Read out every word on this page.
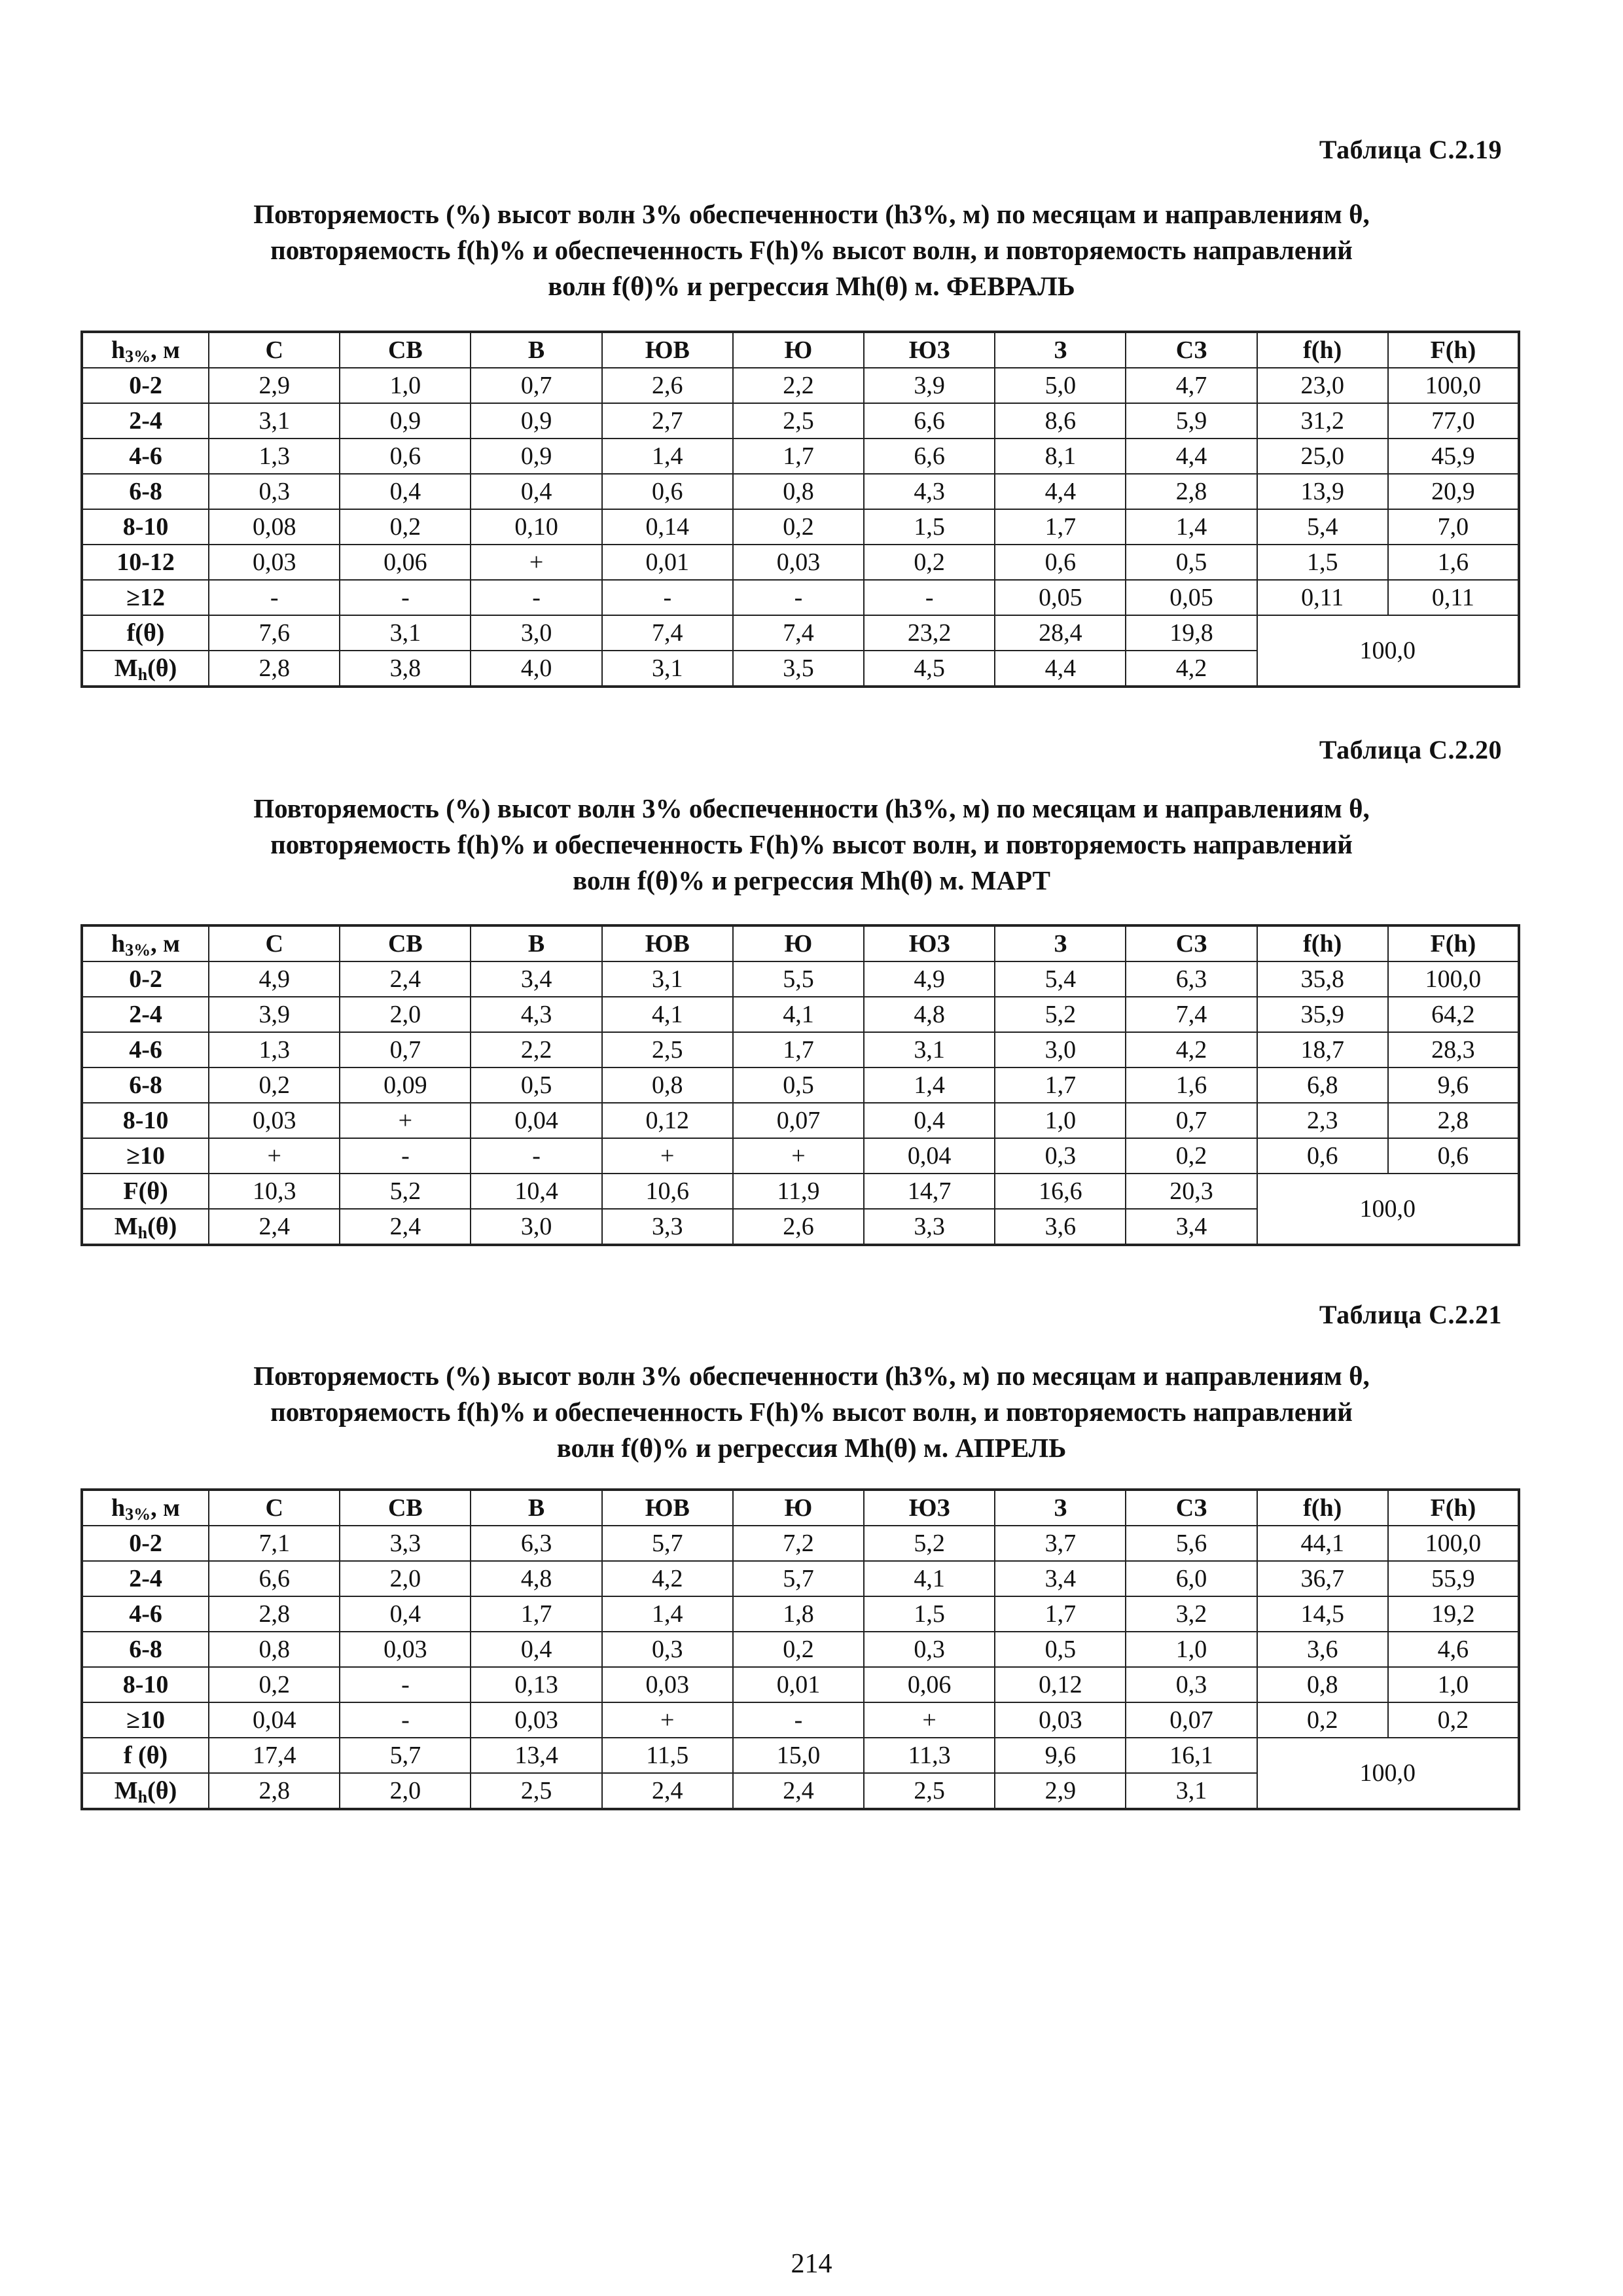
Таблица С.2.19
Повторяемость (%) высот волн 3% обеспеченности (h3%, м) по месяцам и направлениям θ,
повторяемость f(h)% и обеспеченность F(h)% высот волн, и повторяемость направлений
волн f(θ)% и регрессия Mh(θ) м. ФЕВРАЛЬ
$h_{3\%}$, м	С	СВ	В	ЮВ	Ю	ЮЗ	З	СЗ	f(h)	F(h)
0-2	2,9	1,0	0,7	2,6	2,2	3,9	5,0	4,7	23,0	100,0
2-4	3,1	0,9	0,9	2,7	2,5	6,6	8,6	5,9	31,2	77,0
4-6	1,3	0,6	0,9	1,4	1,7	6,6	8,1	4,4	25,0	45,9
6-8	0,3	0,4	0,4	0,6	0,8	4,3	4,4	2,8	13,9	20,9
8-10	0,08	0,2	0,10	0,14	0,2	1,5	1,7	1,4	5,4	7,0
10-12	0,03	0,06	+	0,01	0,03	0,2	0,6	0,5	1,5	1,6
≥12	-	-	-	-	-	-	0,05	0,05	0,11	0,11
f(θ)	7,6	3,1	3,0	7,4	7,4	23,2	28,4	19,8	100,0	
$M_h(\theta)$	2,8	3,8	4,0	3,1	3,5	4,5	4,4	4,2		
Таблица С.2.20
Повторяемость (%) высот волн 3% обеспеченности (h3%, м) по месяцам и направлениям θ,
повторяемость f(h)% и обеспеченность F(h)% высот волн, и повторяемость направлений
волн f(θ)% и регрессия Mh(θ) м. МАРТ
$h_{3\%}$, м	С	СВ	В	ЮВ	Ю	ЮЗ	З	СЗ	f(h)	F(h)
0-2	4,9	2,4	3,4	3,1	5,5	4,9	5,4	6,3	35,8	100,0
2-4	3,9	2,0	4,3	4,1	4,1	4,8	5,2	7,4	35,9	64,2
4-6	1,3	0,7	2,2	2,5	1,7	3,1	3,0	4,2	18,7	28,3
6-8	0,2	0,09	0,5	0,8	0,5	1,4	1,7	1,6	6,8	9,6
8-10	0,03	+	0,04	0,12	0,07	0,4	1,0	0,7	2,3	2,8
≥10	+	-	-	+	+	0,04	0,3	0,2	0,6	0,6
F(θ)	10,3	5,2	10,4	10,6	11,9	14,7	16,6	20,3	100,0	
$M_h(\theta)$	2,4	2,4	3,0	3,3	2,6	3,3	3,6	3,4		
Таблица С.2.21
Повторяемость (%) высот волн 3% обеспеченности (h3%, м) по месяцам и направлениям θ,
повторяемость f(h)% и обеспеченность F(h)% высот волн, и повторяемость направлений
волн f(θ)% и регрессия Mh(θ) м. АПРЕЛЬ
$h_{3\%}$, м	С	СВ	В	ЮВ	Ю	ЮЗ	З	СЗ	f(h)	F(h)
0-2	7,1	3,3	6,3	5,7	7,2	5,2	3,7	5,6	44,1	100,0
2-4	6,6	2,0	4,8	4,2	5,7	4,1	3,4	6,0	36,7	55,9
4-6	2,8	0,4	1,7	1,4	1,8	1,5	1,7	3,2	14,5	19,2
6-8	0,8	0,03	0,4	0,3	0,2	0,3	0,5	1,0	3,6	4,6
8-10	0,2	-	0,13	0,03	0,01	0,06	0,12	0,3	0,8	1,0
≥10	0,04	-	0,03	+	-	+	0,03	0,07	0,2	0,2
f (θ)	17,4	5,7	13,4	11,5	15,0	11,3	9,6	16,1	100,0	
$M_h(\theta)$	2,8	2,0	2,5	2,4	2,4	2,5	2,9	3,1		
214
